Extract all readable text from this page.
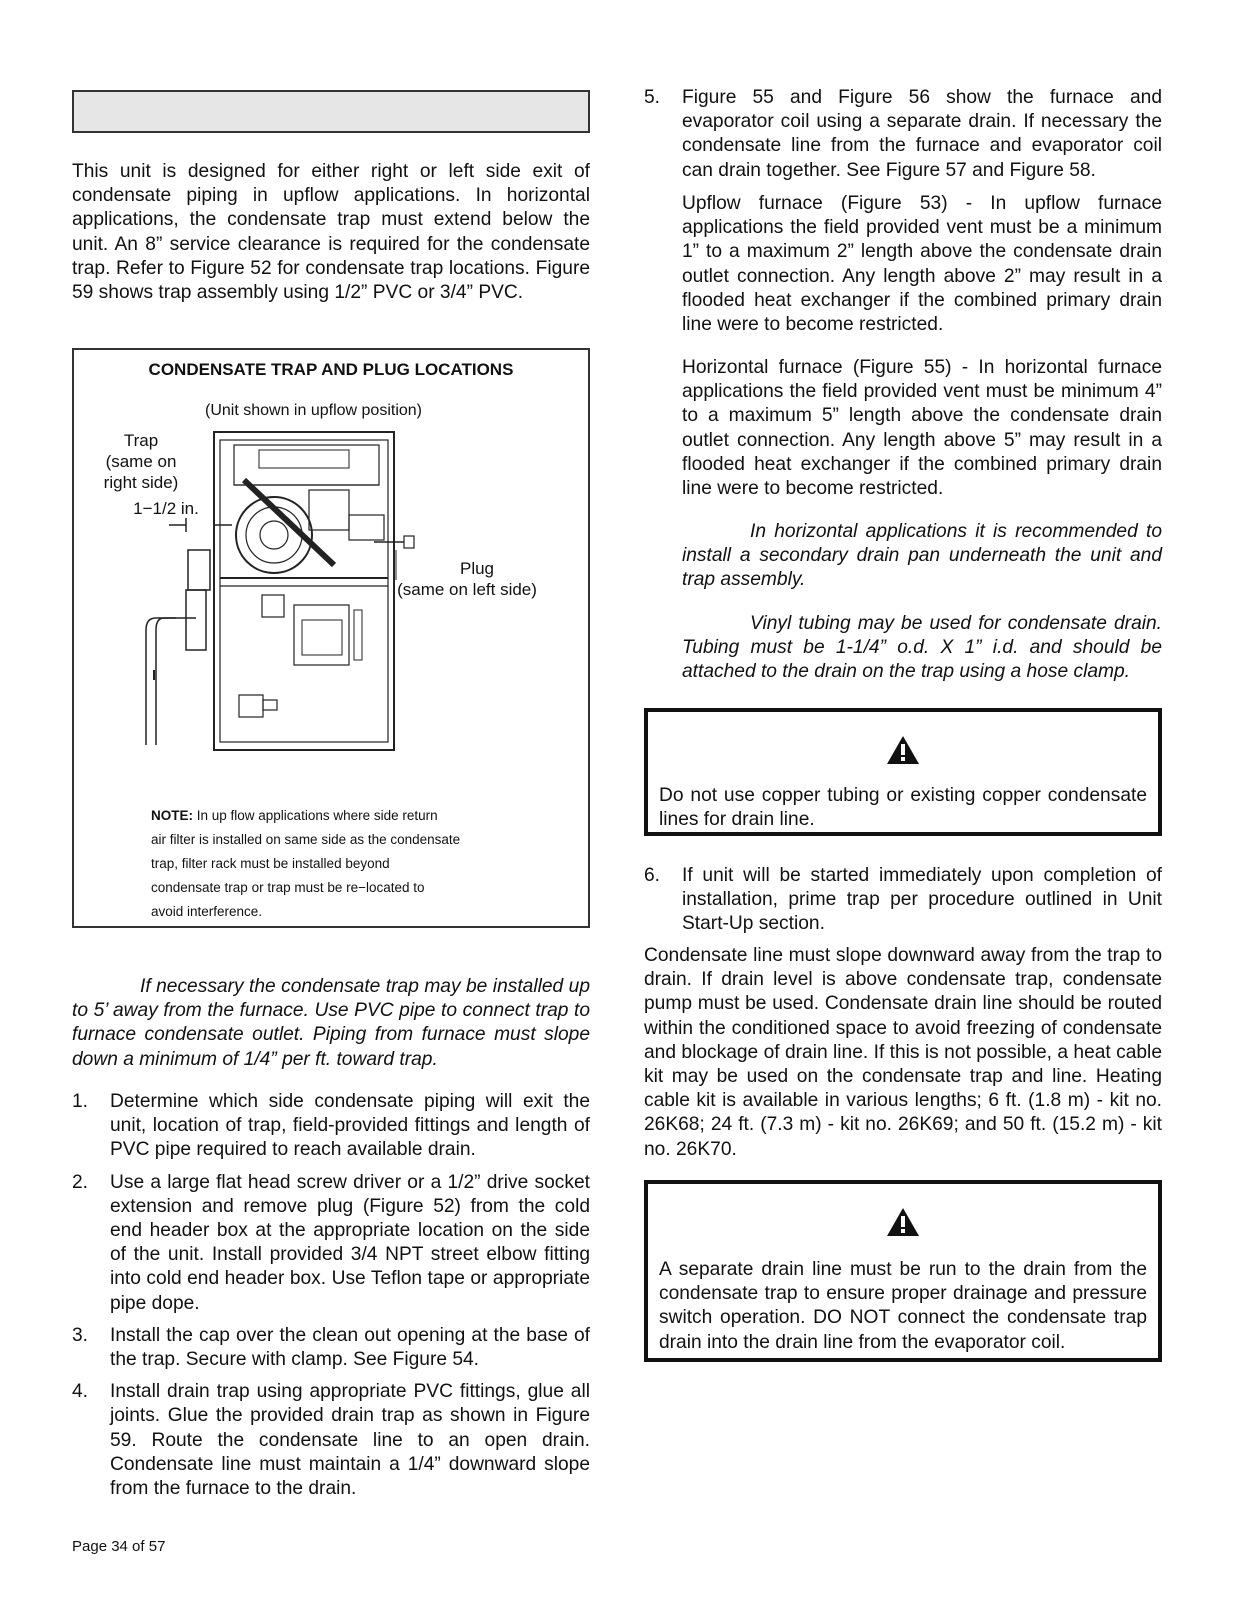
This unit is designed for either right or left side exit of condensate piping in upflow applications. In horizontal applications, the condensate trap must extend below the unit. An 8” service clearance is required for the condensate trap. Refer to Figure 52 for condensate trap locations. Figure 59 shows trap assembly using 1/2” PVC or 3/4” PVC.

CONDENSATE TRAP AND PLUG LOCATIONS
(Unit shown in upflow position)
Trap
(same on
right side)
1−1/2 in.
Plug
(same on left side)
NOTE: In up flow applications where side return
air filter is installed on same side as the condensate
trap, filter rack must be installed beyond
condensate trap or trap must be re−located to
avoid interference.

If necessary the condensate trap may be installed up to 5’ away from the furnace. Use PVC pipe to connect trap to furnace condensate outlet. Piping from furnace must slope down a minimum of 1/4” per ft. toward trap.

1. Determine which side condensate piping will exit the unit, location of trap, field-provided fittings and length of PVC pipe required to reach available drain.
2. Use a large flat head screw driver or a 1/2” drive socket extension and remove plug (Figure 52) from the cold end header box at the appropriate location on the side of the unit. Install provided 3/4 NPT street elbow fitting into cold end header box. Use Teflon tape or appropriate pipe dope.
3. Install the cap over the clean out opening at the base of the trap. Secure with clamp. See Figure 54.
4. Install drain trap using appropriate PVC fittings, glue all joints. Glue the provided drain trap as shown in Figure 59. Route the condensate line to an open drain. Condensate line must maintain a 1/4” downward slope from the furnace to the drain.
Page 34 of 57
5. Figure 55 and Figure 56 show the furnace and evaporator coil using a separate drain. If necessary the condensate line from the furnace and evaporator coil can drain together. See Figure 57 and Figure 58.

Upflow furnace (Figure 53) - In upflow furnace applications the field provided vent must be a minimum 1” to a maximum 2” length above the condensate drain outlet connection. Any length above 2” may result in a flooded heat exchanger if the combined primary drain line were to become restricted.

Horizontal furnace (Figure 55) - In horizontal furnace applications the field provided vent must be minimum 4” to a maximum 5” length above the condensate drain outlet connection. Any length above 5” may result in a flooded heat exchanger if the combined primary drain line were to become restricted.

In horizontal applications it is recommended to install a secondary drain pan underneath the unit and trap assembly.

Vinyl tubing may be used for condensate drain. Tubing must be 1-1/4” o.d. X 1” i.d. and should be attached to the drain on the trap using a hose clamp.

Do not use copper tubing or existing copper condensate lines for drain line.

6. If unit will be started immediately upon completion of installation, prime trap per procedure outlined in Unit Start-Up section.

Condensate line must slope downward away from the trap to drain. If drain level is above condensate trap, condensate pump must be used. Condensate drain line should be routed within the conditioned space to avoid freezing of condensate and blockage of drain line. If this is not possible, a heat cable kit may be used on the condensate trap and line. Heating cable kit is available in various lengths; 6 ft. (1.8 m) - kit no. 26K68; 24 ft. (7.3 m) - kit no. 26K69; and 50 ft. (15.2 m) - kit no. 26K70.

A separate drain line must be run to the drain from the condensate trap to ensure proper drainage and pressure switch operation. DO NOT connect the condensate trap drain into the drain line from the evaporator coil.
